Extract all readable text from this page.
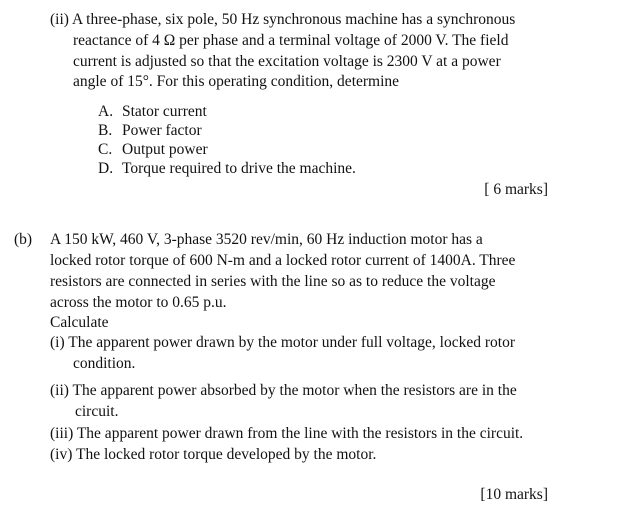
(ii) A three-phase, six pole, 50 Hz synchronous machine has a synchronous
reactance of 4 Ω per phase and a terminal voltage of 2000 V. The field
current is adjusted so that the excitation voltage is 2300 V at a power
angle of 15°. For this operating condition, determine
A. Stator current
B. Power factor
C. Output power
D. Torque required to drive the machine.
[ 6 marks]
(b) A 150 kW, 460 V, 3-phase 3520 rev/min, 60 Hz induction motor has a
locked rotor torque of 600 N-m and a locked rotor current of 1400A. Three
resistors are connected in series with the line so as to reduce the voltage
across the motor to 0.65 p.u.
Calculate
(i) The apparent power drawn by the motor under full voltage, locked rotor
condition.
(ii) The apparent power absorbed by the motor when the resistors are in the
circuit.
(iii) The apparent power drawn from the line with the resistors in the circuit.
(iv) The locked rotor torque developed by the motor.
[10 marks]
